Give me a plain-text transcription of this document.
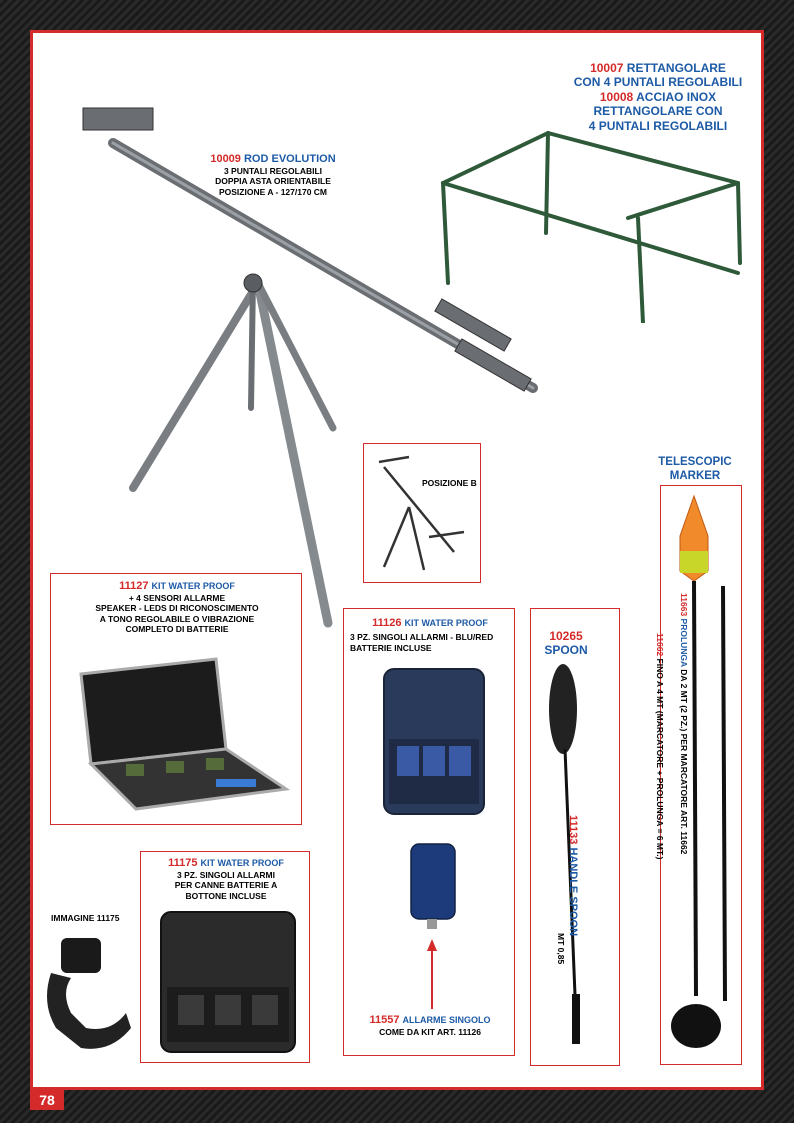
10009 ROD EVOLUTION
3 PUNTALI REGOLABILI
DOPPIA ASTA ORIENTABILE
POSIZIONE A - 127/170 CM
10007 RETTANGOLARE
CON 4 PUNTALI REGOLABILI
10008 ACCIAO INOX
RETTANGOLARE CON
4 PUNTALI REGOLABILI
POSIZIONE B
TELESCOPIC
MARKER
11662 FINO A 4 MT (MARCATORE + PROLUNGA = 6 MT.)
11663 PROLUNGA DA 2 MT (2 PZ.) PER MARCATORE ART. 11662
11127 KIT WATER PROOF
+ 4 SENSORI ALLARME
SPEAKER - LEDS DI RICONOSCIMENTO
A TONO REGOLABILE O VIBRAZIONE
COMPLETO DI BATTERIE	11126 KIT WATER PROOF
3 PZ. SINGOLI ALLARMI - BLU/RED
BATTERIE INCLUSE
11557 ALLARME SINGOLO
COME DA KIT ART. 11126
10265
SPOON
11133 HANDLE SPOON
MT 0,85
IMMAGINE 11175
11175 KIT WATER PROOF
3 PZ. SINGOLI ALLARMI
PER CANNE BATTERIE A
BOTTONE INCLUSE
78
